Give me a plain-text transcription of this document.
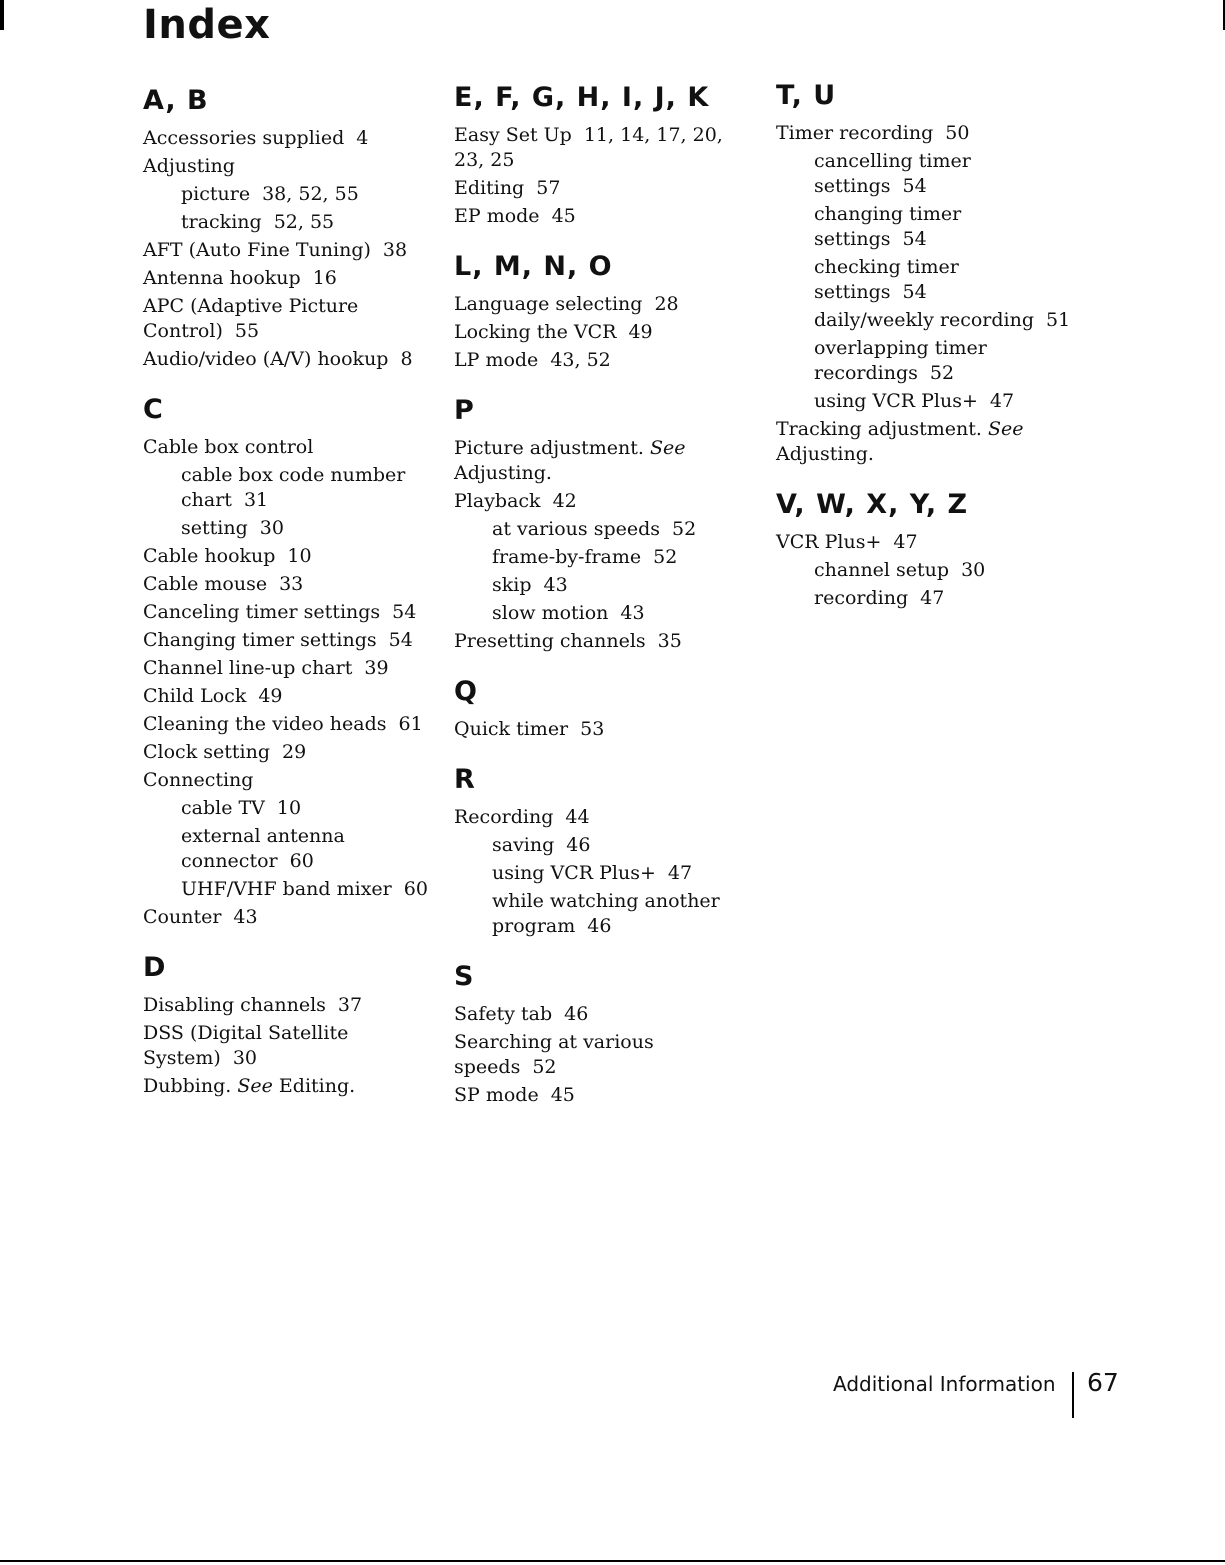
Index
A, B
Accessories supplied 4
Adjusting
picture 38, 52, 55
tracking 52, 55
AFT (Auto Fine Tuning) 38
Antenna hookup 16
APC (Adaptive Picture Control) 55
Audio/video (A/V) hookup 8
C
Cable box control
cable box code number chart 31
setting 30
Cable hookup 10
Cable mouse 33
Canceling timer settings 54
Changing timer settings 54
Channel line-up chart 39
Child Lock 49
Cleaning the video heads 61
Clock setting 29
Connecting
cable TV 10
external antenna connector 60
UHF/VHF band mixer 60
Counter 43
D
Disabling channels 37
DSS (Digital Satellite System) 30
Dubbing. See Editing.
E, F, G, H, I, J, K
Easy Set Up 11, 14, 17, 20, 23, 25
Editing 57
EP mode 45
L, M, N, O
Language selecting 28
Locking the VCR 49
LP mode 43, 52
P
Picture adjustment. See Adjusting.
Playback 42
at various speeds 52
frame-by-frame 52
skip 43
slow motion 43
Presetting channels 35
Q
Quick timer 53
R
Recording 44
saving 46
using VCR Plus+ 47
while watching another program 46
S
Safety tab 46
Searching at various speeds 52
SP mode 45
T, U
Timer recording 50
cancelling timer settings 54
changing timer settings 54
checking timer settings 54
daily/weekly recording 51
overlapping timer recordings 52
using VCR Plus+ 47
Tracking adjustment. See Adjusting.
V, W, X, Y, Z
VCR Plus+ 47
channel setup 30
recording 47
Additional Information 67
